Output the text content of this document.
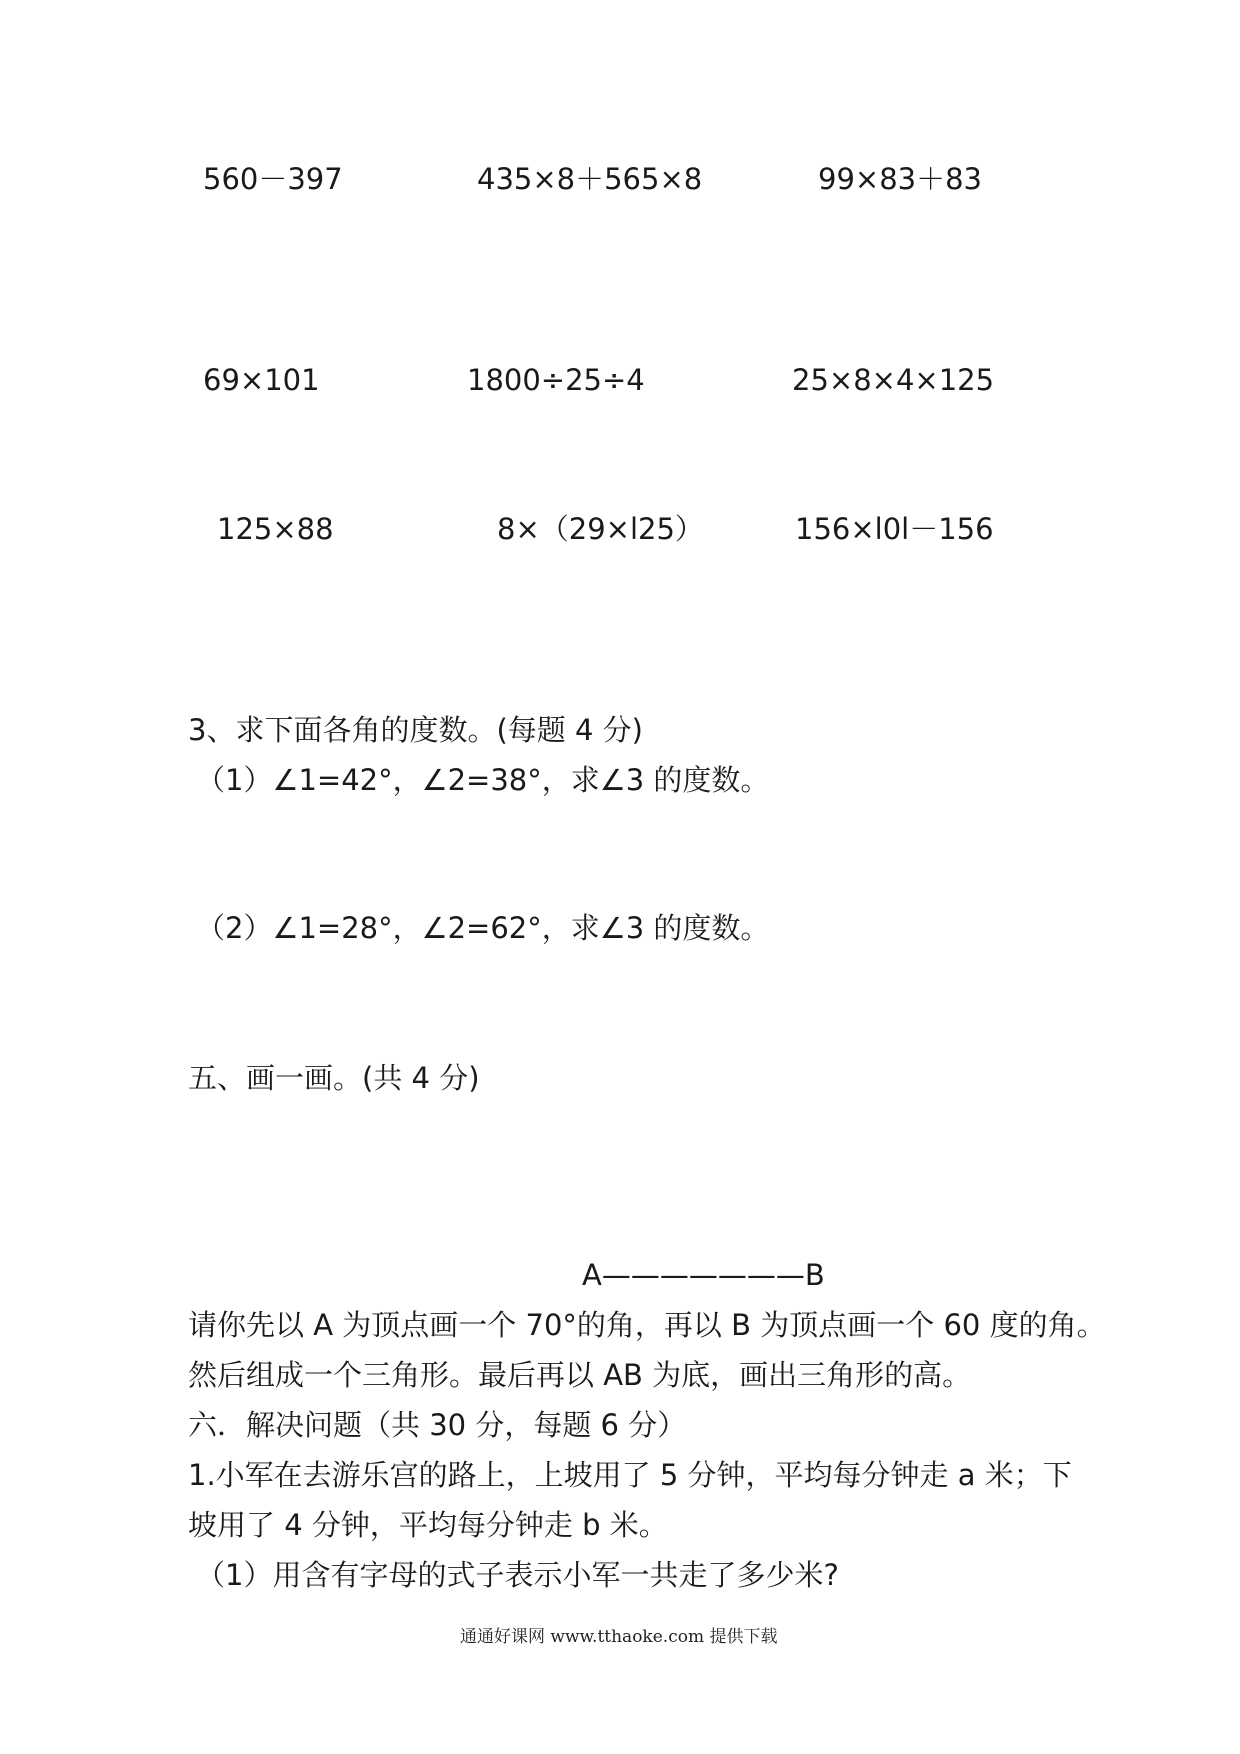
560－397	435×8＋565×8	99×83＋83
69×101	1800÷25÷4	25×8×4×125
125×88	8×（29×l25）	156×l0l－156
3、求下面各角的度数。(每题 4 分)
（1）∠1=42°，∠2=38°，求∠3 的度数。
（2）∠1=28°，∠2=62°，求∠3 的度数。
五、画一画。(共 4 分)
A———————B
请你先以 A 为顶点画一个 70°的角，再以 B 为顶点画一个 60 度的角。
然后组成一个三角形。最后再以 AB 为底，画出三角形的高。
六．解决问题（共 30 分，每题 6 分）
1.小军在去游乐宫的路上，上坡用了 5 分钟，平均每分钟走 a 米；下
坡用了 4 分钟，平均每分钟走 b 米。
（1）用含有字母的式子表示小军一共走了多少米?
通通好课网 www.tthaoke.com 提供下载
